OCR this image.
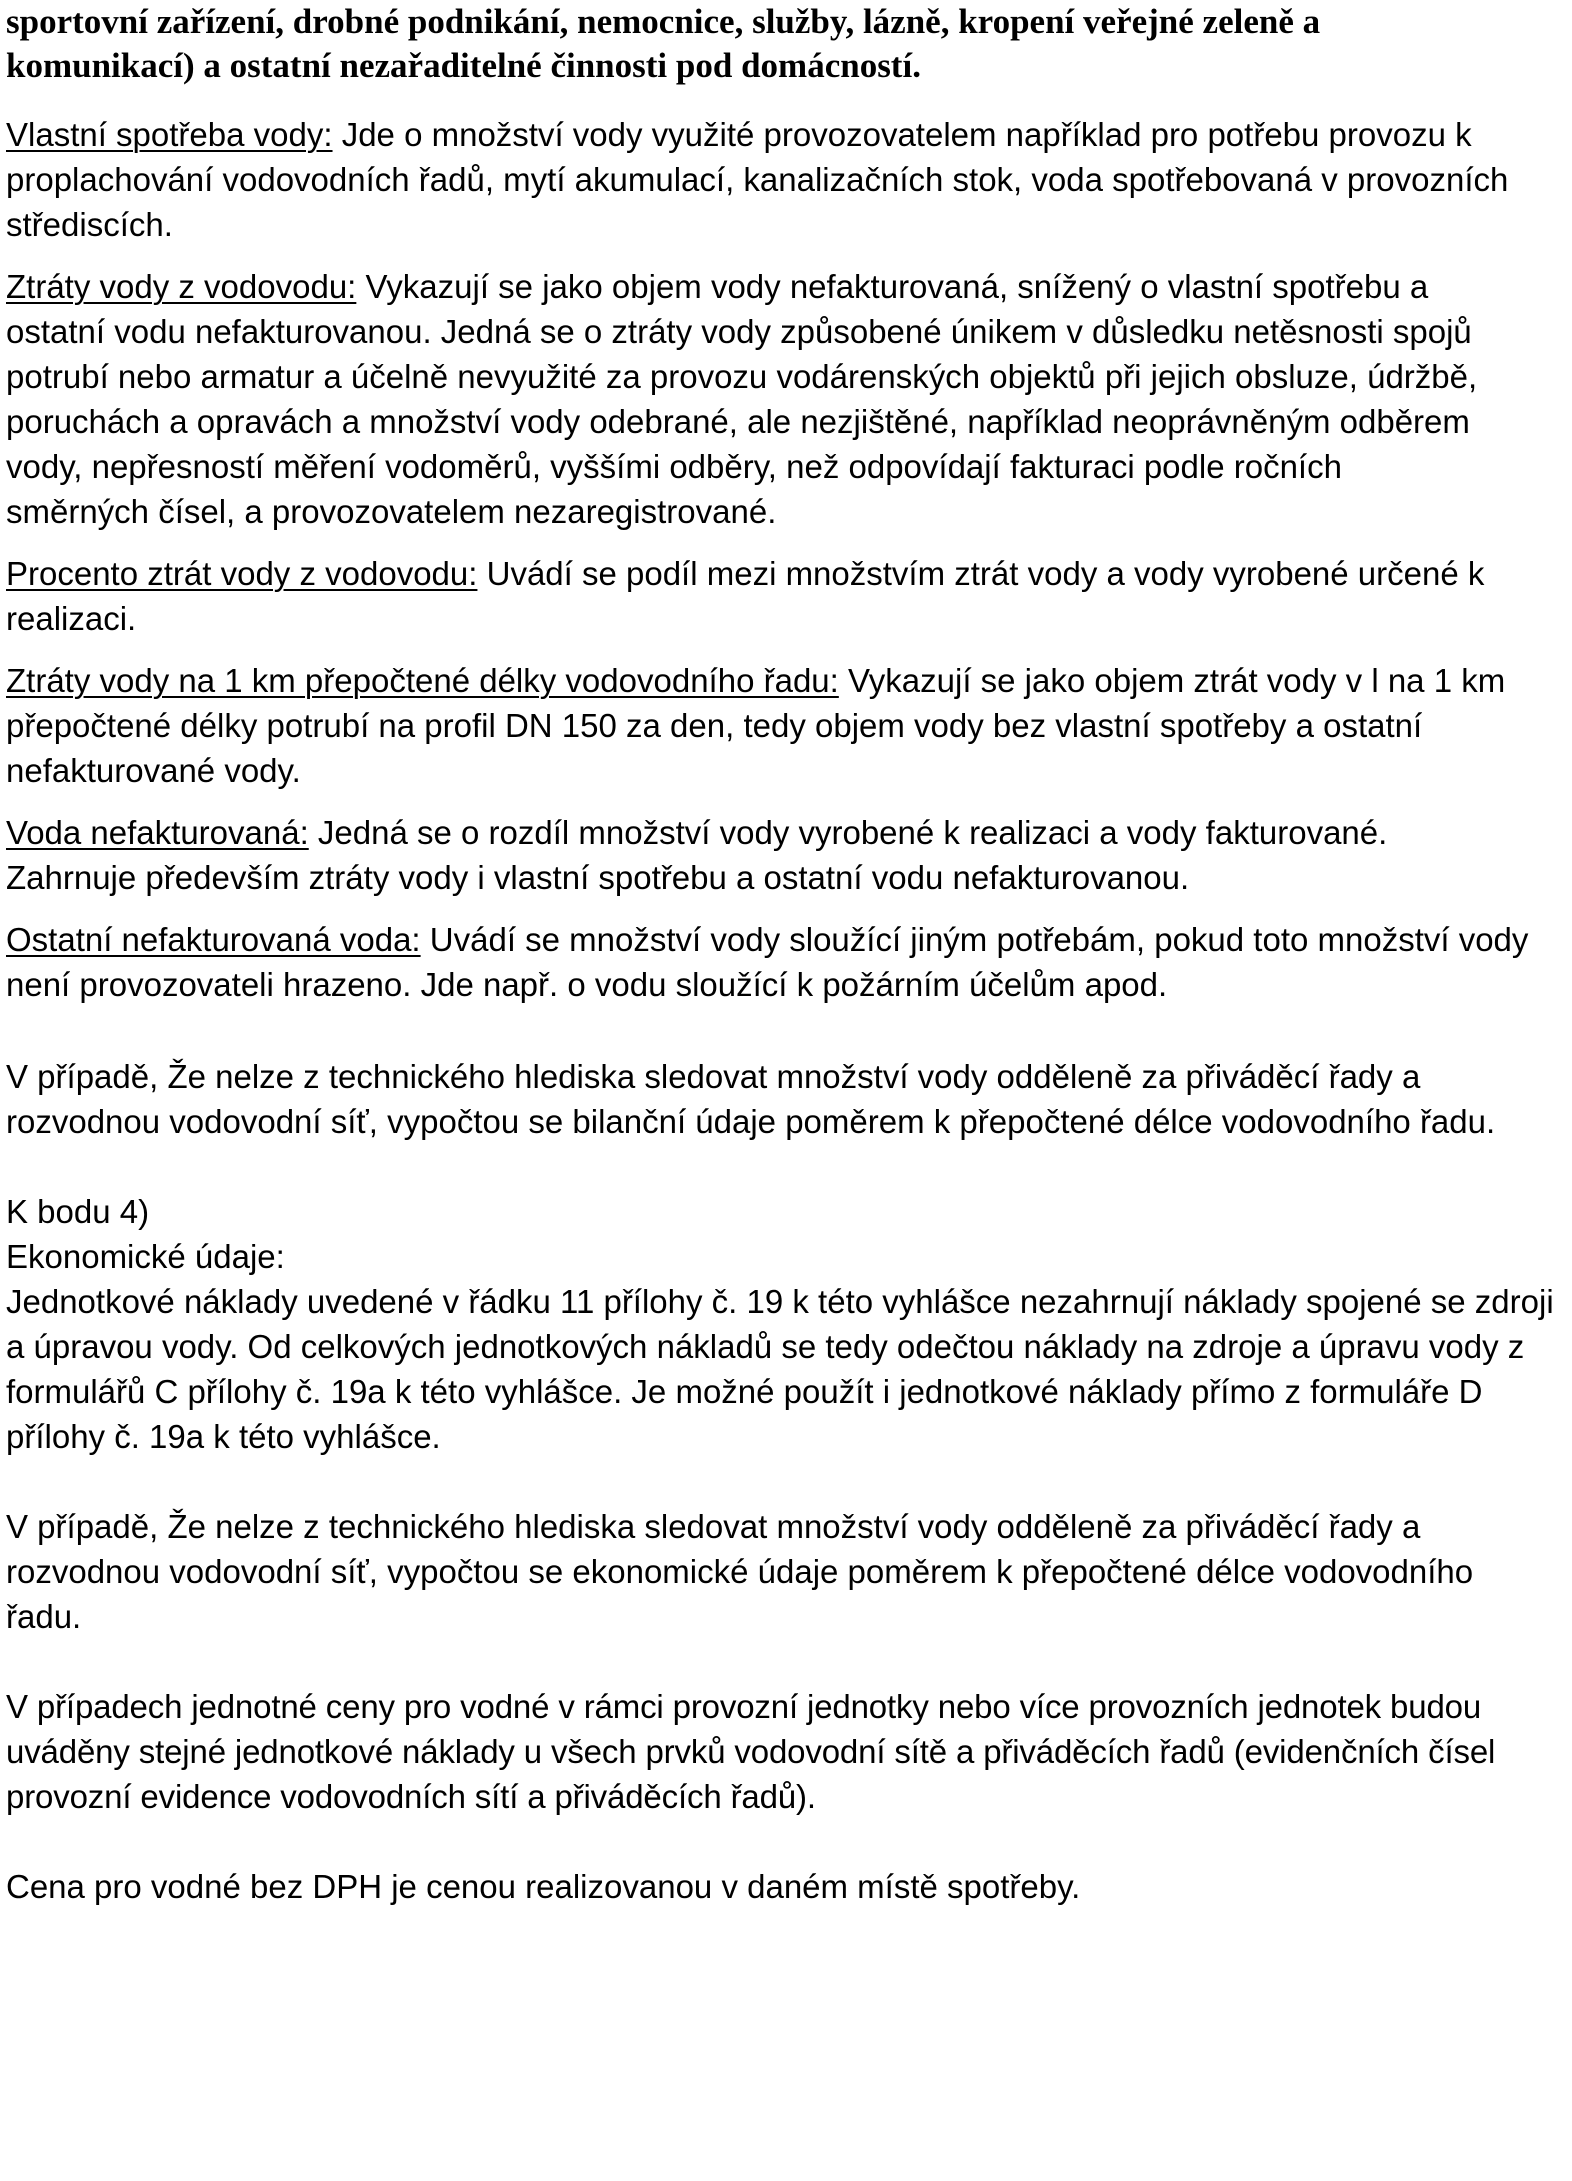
sportovní zařízení, drobné podnikání, nemocnice, služby, lázně, kropení veřejné zeleně a komunikací) a ostatní nezařaditelné činnosti pod domácností.

Vlastní spotřeba vody: Jde o množství vody využité provozovatelem například pro potřebu provozu k proplachování vodovodních řadů, mytí akumulací, kanalizačních stok, voda spotřebovaná v provozních střediscích.

Ztráty vody z vodovodu: Vykazují se jako objem vody nefakturovaná, snížený o vlastní spotřebu a ostatní vodu nefakturovanou. Jedná se o ztráty vody způsobené únikem v důsledku netěsnosti spojů potrubí nebo armatur a účelně nevyužité za provozu vodárenských objektů při jejich obsluze, údržbě, poruchách a opravách a množství vody odebrané, ale nezjištěné, například neoprávněným odběrem vody, nepřesností měření vodoměrů, vyššími odběry, než odpovídají fakturaci podle ročních směrných čísel, a provozovatelem nezaregistrované.

Procento ztrát vody z vodovodu: Uvádí se podíl mezi množstvím ztrát vody a vody vyrobené určené k realizaci.

Ztráty vody na 1 km přepočtené délky vodovodního řadu: Vykazují se jako objem ztrát vody v l na 1 km přepočtené délky potrubí na profil DN 150 za den, tedy objem vody bez vlastní spotřeby a ostatní nefakturované vody.

Voda nefakturovaná: Jedná se o rozdíl množství vody vyrobené k realizaci a vody fakturované. Zahrnuje především ztráty vody i vlastní spotřebu a ostatní vodu nefakturovanou.

Ostatní nefakturovaná voda: Uvádí se množství vody sloužící jiným potřebám, pokud toto množství vody není provozovateli hrazeno. Jde např. o vodu sloužící k požárním účelům apod.

V případě, Že nelze z technického hlediska sledovat množství vody odděleně za přiváděcí řady a rozvodnou vodovodní síť, vypočtou se bilanční údaje poměrem k přepočtené délce vodovodního řadu.

K bodu 4)

Ekonomické údaje:

Jednotkové náklady uvedené v řádku 11 přílohy č. 19 k této vyhlášce nezahrnují náklady spojené se zdroji a úpravou vody. Od celkových jednotkových nákladů se tedy odečtou náklady na zdroje a úpravu vody z formulářů C přílohy č. 19a k této vyhlášce. Je možné použít i jednotkové náklady přímo z formuláře D přílohy č. 19a k této vyhlášce.

V případě, Že nelze z technického hlediska sledovat množství vody odděleně za přiváděcí řady a rozvodnou vodovodní síť, vypočtou se ekonomické údaje poměrem k přepočtené délce vodovodního řadu.

V případech jednotné ceny pro vodné v rámci provozní jednotky nebo více provozních jednotek budou uváděny stejné jednotkové náklady u všech prvků vodovodní sítě a přiváděcích řadů (evidenčních čísel provozní evidence vodovodních sítí a přiváděcích řadů).

Cena pro vodné bez DPH je cenou realizovanou v daném místě spotřeby.
